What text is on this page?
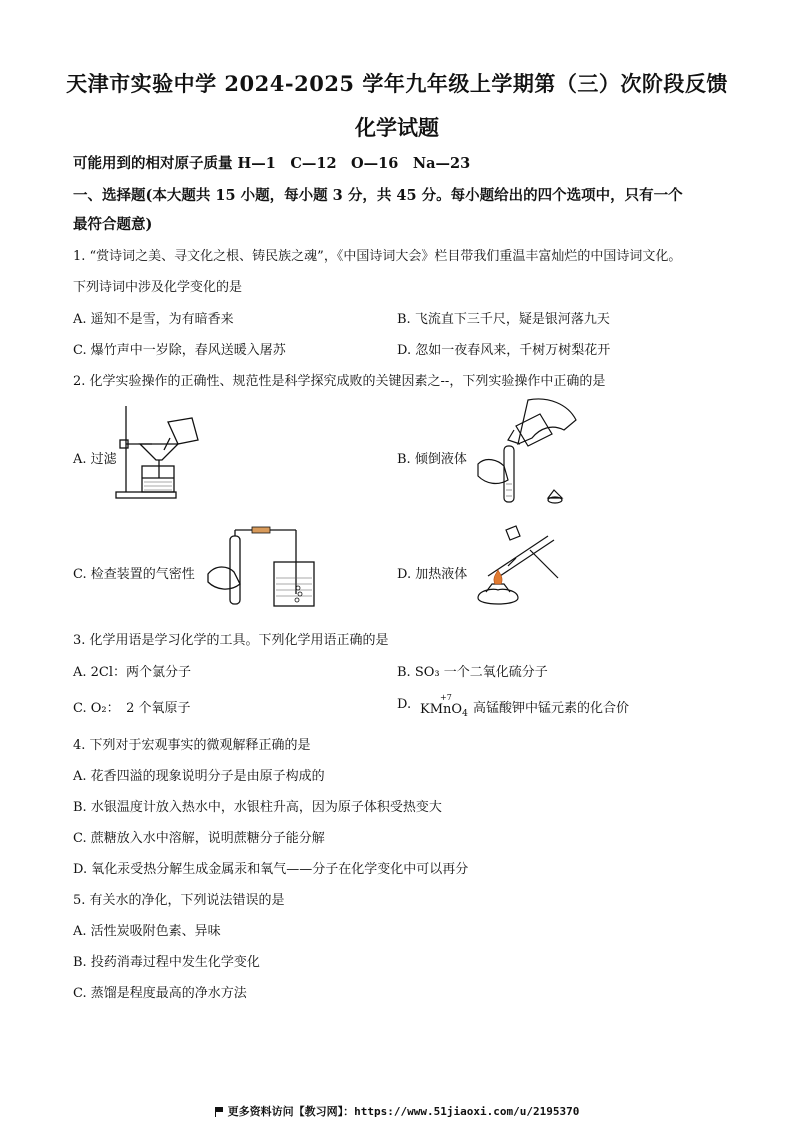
天津市实验中学 2024-2025 学年九年级上学期第（三）次阶段反馈
化学试题
可能用到的相对原子质量 H—1　C—12　O—16　Na—23
一、选择题(本大题共 15 小题，每小题 3 分，共 45 分。每小题给出的四个选项中，只有一个
最符合题意)
1. “赏诗词之美、寻文化之根、铸民族之魂”，《中国诗词大会》栏目带我们重温丰富灿烂的中国诗词文化。
下列诗词中涉及化学变化的是
A. 遥知不是雪，为有暗香来	B. 飞流直下三千尺，疑是银河落九天
C. 爆竹声中一岁除，春风送暖入屠苏	D. 忽如一夜春风来，千树万树梨花开
2. 化学实验操作的正确性、规范性是科学探究成败的关键因素之--，下列实验操作中正确的是
A. 过滤	B. 倾倒液体
C. 检查装置的气密性	D. 加热液体
3. 化学用语是学习化学的工具。下列化学用语正确的是
A. 2Cl：两个氯分子	B. SO₃ 一个二氧化硫分子
C. O₂：　2 个氧原子	D.	+7
KMnO$_4$ 高锰酸钾中锰元素的化合价
4. 下列对于宏观事实的微观解释正确的是
A. 花香四溢的现象说明分子是由原子构成的
B. 水银温度计放入热水中，水银柱升高，因为原子体积受热变大
C. 蔗糖放入水中溶解，说明蔗糖分子能分解
D. 氧化汞受热分解生成金属汞和氧气——分子在化学变化中可以再分
5. 有关水的净化，下列说法错误的是
A. 活性炭吸附色素、异味
B. 投药消毒过程中发生化学变化
C. 蒸馏是程度最高的净水方法
更多资料访问【教习网】：https://www.51jiaoxi.com/u/2195370
